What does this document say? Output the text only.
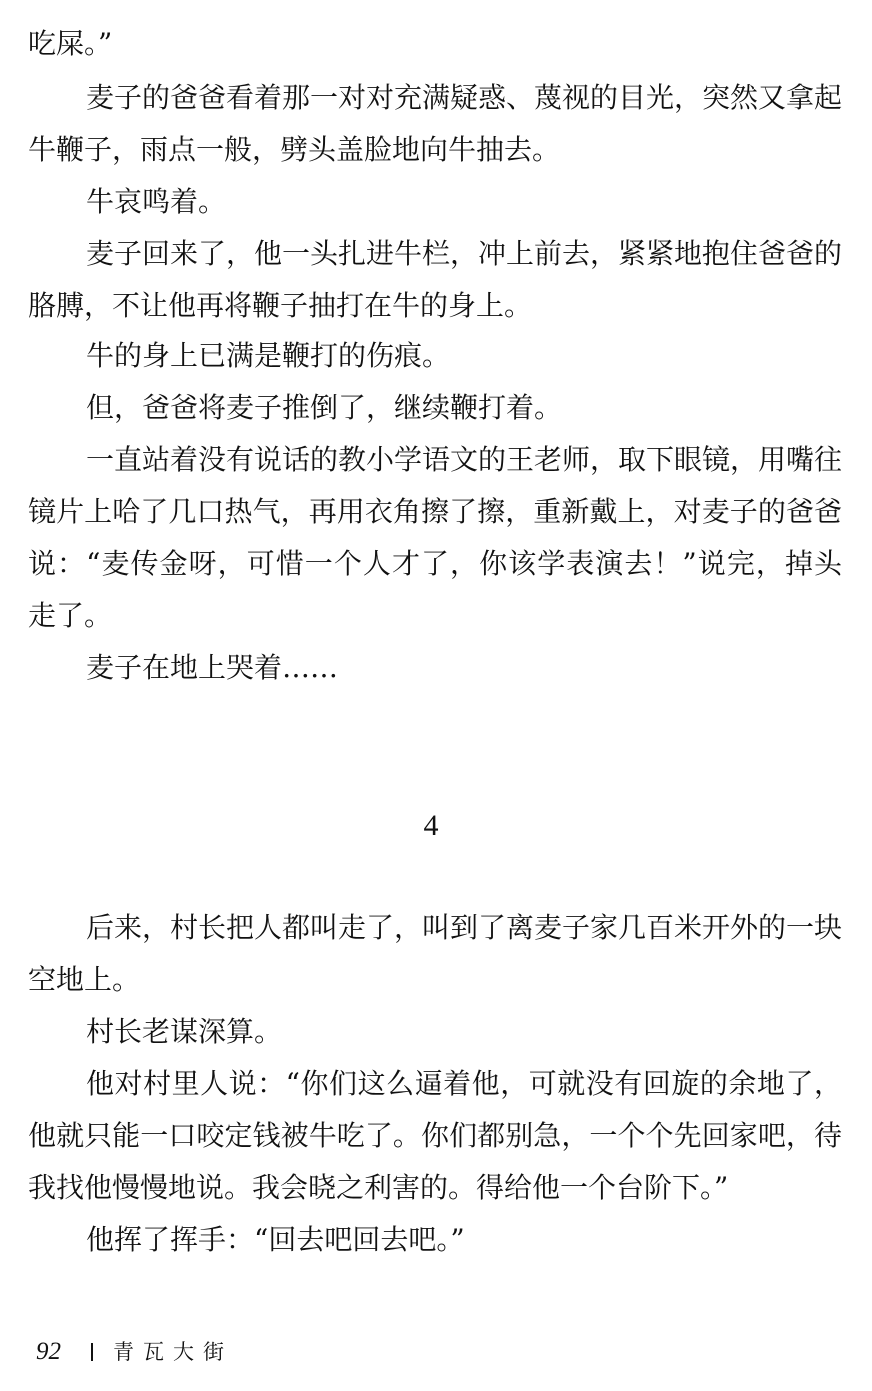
吃屎。”
麦子的爸爸看着那一对对充满疑惑、蔑视的目光，突然又拿起
牛鞭子，雨点一般，劈头盖脸地向牛抽去。
牛哀鸣着。
麦子回来了，他一头扎进牛栏，冲上前去，紧紧地抱住爸爸的
胳膊，不让他再将鞭子抽打在牛的身上。
牛的身上已满是鞭打的伤痕。
但，爸爸将麦子推倒了，继续鞭打着。
一直站着没有说话的教小学语文的王老师，取下眼镜，用嘴往
镜片上哈了几口热气，再用衣角擦了擦，重新戴上，对麦子的爸爸
说：“麦传金呀，可惜一个人才了，你该学表演去！”说完，掉头
走了。
麦子在地上哭着……
4
后来，村长把人都叫走了，叫到了离麦子家几百米开外的一块
空地上。
村长老谋深算。
他对村里人说：“你们这么逼着他，可就没有回旋的余地了，
他就只能一口咬定钱被牛吃了。你们都别急，一个个先回家吧，待
我找他慢慢地说。我会晓之利害的。得给他一个台阶下。”
他挥了挥手：“回去吧回去吧。”
92 青瓦大街
